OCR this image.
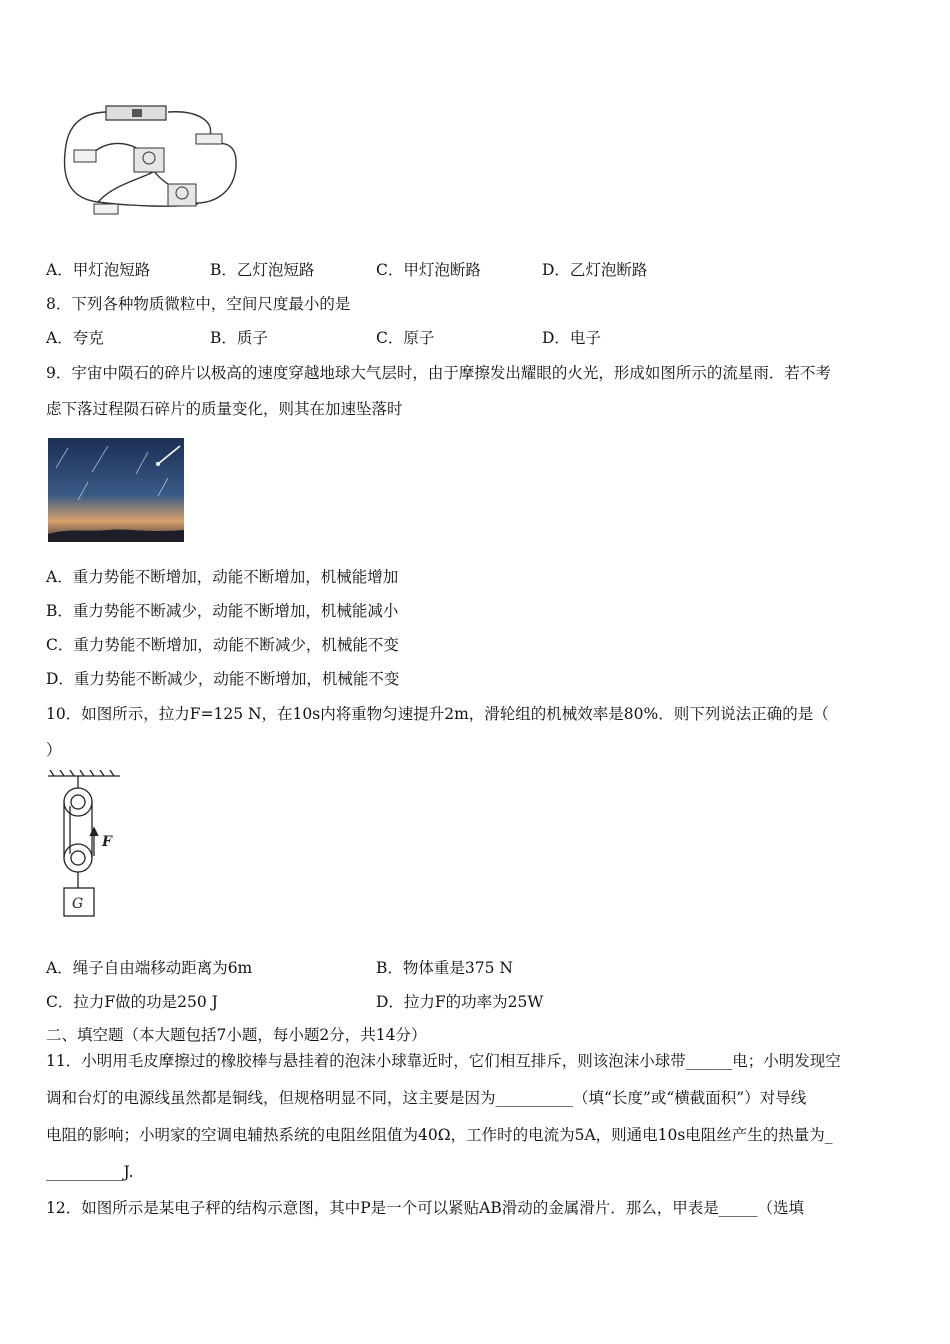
A．甲灯泡短路	B．乙灯泡短路	C．甲灯泡断路	D．乙灯泡断路
8．下列各种物质微粒中，空间尺度最小的是
A．夸克	B．质子	C．原子	D．电子
9．宇宙中陨石的碎片以极高的速度穿越地球大气层时，由于摩擦发出耀眼的火光，形成如图所示的流星雨．若不考
虑下落过程陨石碎片的质量变化，则其在加速坠落时
A．重力势能不断增加，动能不断增加，机械能增加
B．重力势能不断减少，动能不断增加，机械能减小
C．重力势能不断增加，动能不断减少，机械能不变
D．重力势能不断减少，动能不断增加，机械能不变
10．如图所示，拉力F=125 N，在10s内将重物匀速提升2m，滑轮组的机械效率是80%．则下列说法正确的是（
）
F
G
A．绳子自由端移动距离为6m	B．物体重是375 N
C．拉力F做的功是250 J	D．拉力F的功率为25W
二、填空题（本大题包括7小题，每小题2分，共14分）
11．小明用毛皮摩擦过的橡胶棒与悬挂着的泡沫小球靠近时，它们相互排斥，则该泡沫小球带______电；小明发现空
调和台灯的电源线虽然都是铜线，但规格明显不同，这主要是因为__________（填“长度”或“横截面积”）对导线
电阻的影响；小明家的空调电辅热系统的电阻丝阻值为40Ω，工作时的电流为5A，则通电10s电阻丝产生的热量为_
__________J.
12．如图所示是某电子秤的结构示意图，其中P是一个可以紧贴AB滑动的金属滑片．那么，甲表是_____（选填
